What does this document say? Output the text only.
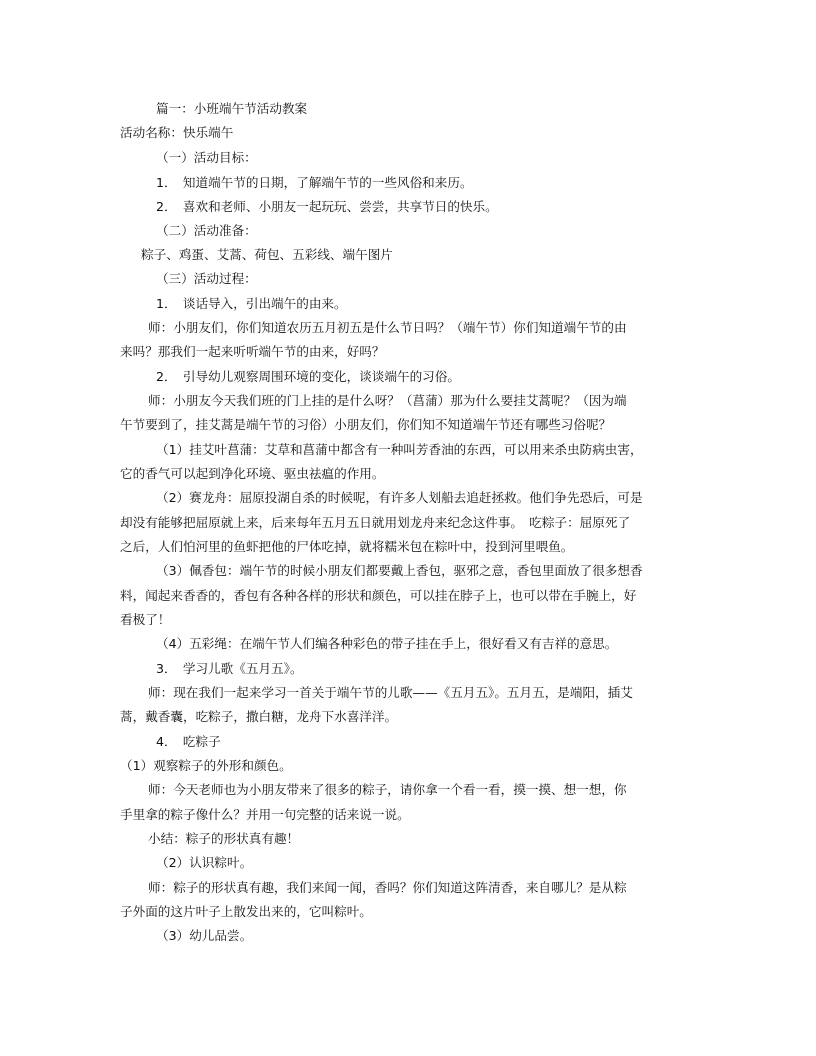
篇一：小班端午节活动教案
活动名称：快乐端午
（一）活动目标：
1．　知道端午节的日期，了解端午节的一些风俗和来历。
2．　喜欢和老师、小朋友一起玩玩、尝尝，共享节日的快乐。
（二）活动准备：
粽子、鸡蛋、艾蒿、荷包、五彩线、端午图片
（三）活动过程：
1．　谈话导入，引出端午的由来。
师：小朋友们，你们知道农历五月初五是什么节日吗？（端午节）你们知道端午节的由
来吗？那我们一起来听听端午节的由来，好吗？
2．　引导幼儿观察周围环境的变化，谈谈端午的习俗。
师：小朋友今天我们班的门上挂的是什么呀？（菖蒲）那为什么要挂艾蒿呢？（因为端
午节要到了，挂艾蒿是端午节的习俗）小朋友们，你们知不知道端午节还有哪些习俗呢？
（1）挂艾叶菖蒲：艾草和菖蒲中都含有一种叫芳香油的东西，可以用来杀虫防病虫害，
它的香气可以起到净化环境、驱虫祛瘟的作用。
（2）赛龙舟：屈原投湖自杀的时候呢，有许多人划船去追赶拯救。他们争先恐后，可是
却没有能够把屈原就上来，后来每年五月五日就用划龙舟来纪念这件事。　吃粽子：屈原死了
之后，人们怕河里的鱼虾把他的尸体吃掉，就将糯米包在粽叶中，投到河里喂鱼。
（3）佩香包：端午节的时候小朋友们都要戴上香包，驱邪之意，香包里面放了很多想香
料，闻起来香香的，香包有各种各样的形状和颜色，可以挂在脖子上，也可以带在手腕上，好
看极了！
（4）五彩绳：在端午节人们编各种彩色的带子挂在手上，很好看又有吉祥的意思。
3．　学习儿歌《五月五》。
师：现在我们一起来学习一首关于端午节的儿歌——《五月五》。五月五，是端阳，插艾
蒿，戴香囊，吃粽子，撒白糖，龙舟下水喜洋洋。
4．　吃粽子
（1）观察粽子的外形和颜色。
师：今天老师也为小朋友带来了很多的粽子，请你拿一个看一看，摸一摸、想一想，你
手里拿的粽子像什么？并用一句完整的话来说一说。
小结：粽子的形状真有趣！
（2）认识粽叶。
师：粽子的形状真有趣，我们来闻一闻，香吗？你们知道这阵清香，来自哪儿？是从粽
子外面的这片叶子上散发出来的，它叫粽叶。
（3）幼儿品尝。
